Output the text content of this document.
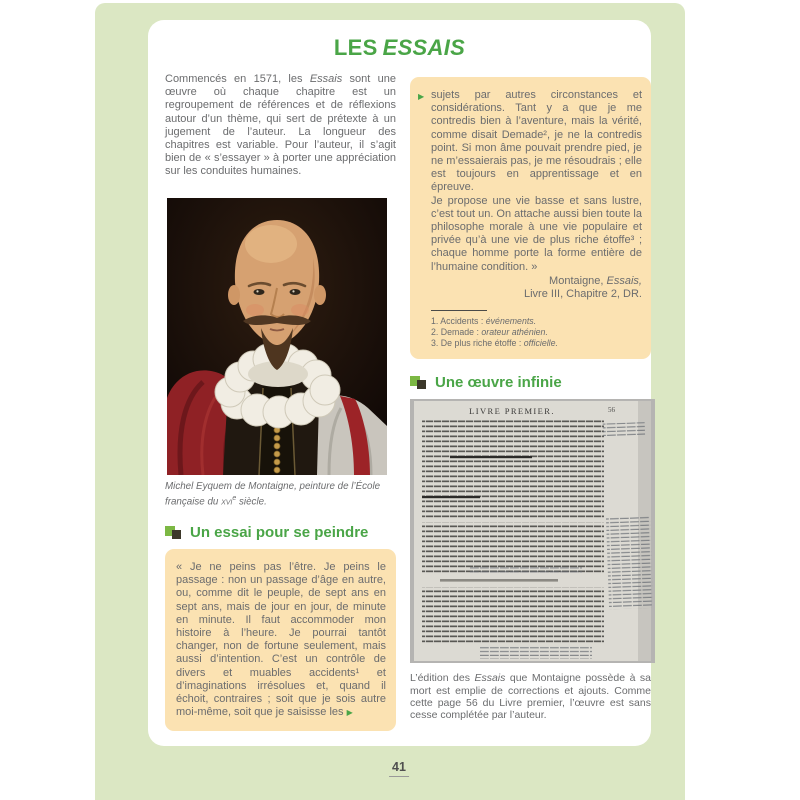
LES ESSAIS

Commencés en 1571, les Essais sont une œuvre où chaque chapitre est un regroupement de références et de réflexions autour d’un thème, qui sert de prétexte à un jugement de l’auteur. La longueur des chapitres est variable. Pour l’auteur, il s’agit bien de « s’essayer » à porter une appréciation sur les conduites humaines.

Michel Eyquem de Montaigne, peinture de l’École française du xvi$^e$ siècle.

Un essai pour se peindre

« Je ne peins pas l’être. Je peins le passage : non un passage d’âge en autre, ou, comme dit le peuple, de sept ans en sept ans, mais de jour en jour, de minute en minute. Il faut accommoder mon histoire à l’heure. Je pourrai tantôt changer, non de fortune seulement, mais aussi d’intention. C’est un contrôle de divers et muables accidents¹ et d’imaginations irrésolues et, quand il échoit, contraires ; soit que je sois autre moi-même, soit que je saisisse les ▶

▶ sujets par autres circonstances et considérations. Tant y a que je me contredis bien à l’aventure, mais la vérité, comme disait Demade², je ne la contredis point. Si mon âme pouvait prendre pied, je ne m’essaierais pas, je me résoudrais ; elle est toujours en apprentissage et en épreuve.

Je propose une vie basse et sans lustre, c’est tout un. On attache aussi bien toute la philosophe morale à une vie populaire et privée qu’à une vie de plus riche étoffe³ ; chaque homme porte la forme entière de l’humaine condition. »

Montaigne, Essais,
Livre III, Chapitre 2, DR.

1. Accidents : événements.

2. Demade : orateur athénien.

3. De plus riche étoffe : officielle.

Une œuvre infinie
LIVRE PREMIER.	56

L’édition des Essais que Montaigne possède à sa mort est emplie de corrections et ajouts. Comme cette page 56 du Livre premier, l’œuvre est sans cesse complétée par l’auteur.

41
